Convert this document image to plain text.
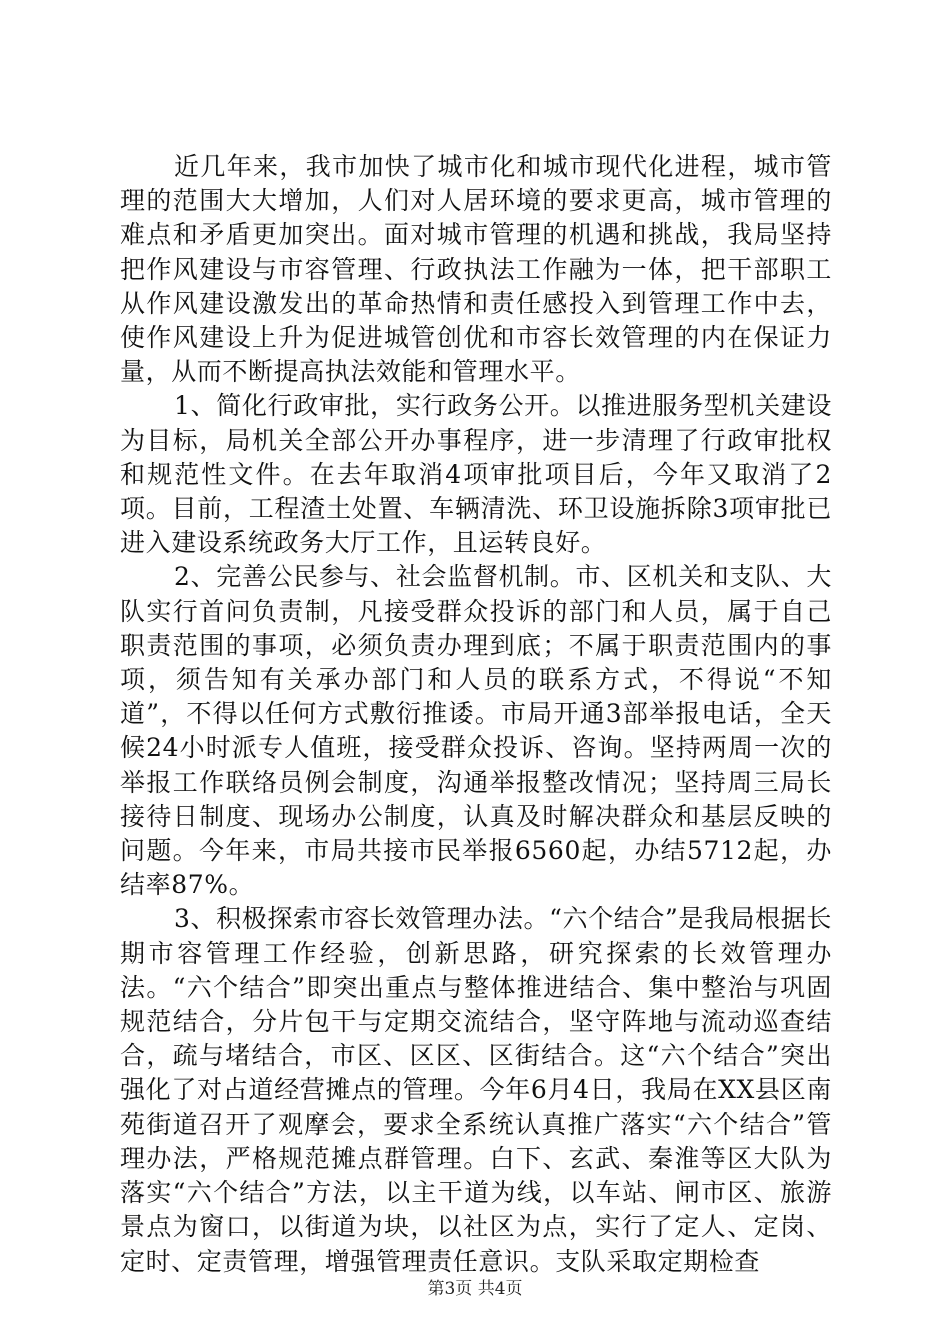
近几年来，我市加快了城市化和城市现代化进程，城市管理的范围大大增加，人们对人居环境的要求更高，城市管理的难点和矛盾更加突出。面对城市管理的机遇和挑战，我局坚持把作风建设与市容管理、行政执法工作融为一体，把干部职工从作风建设激发出的革命热情和责任感投入到管理工作中去，使作风建设上升为促进城管创优和市容长效管理的内在保证力量，从而不断提高执法效能和管理水平。

1、简化行政审批，实行政务公开。以推进服务型机关建设为目标，局机关全部公开办事程序，进一步清理了行政审批权和规范性文件。在去年取消4项审批项目后，今年又取消了2项。目前，工程渣土处置、车辆清洗、环卫设施拆除3项审批已进入建设系统政务大厅工作，且运转良好。

2、完善公民参与、社会监督机制。市、区机关和支队、大队实行首问负责制，凡接受群众投诉的部门和人员，属于自己职责范围的事项，必须负责办理到底；不属于职责范围内的事项，须告知有关承办部门和人员的联系方式，不得说“不知道”，不得以任何方式敷衍推诿。市局开通3部举报电话，全天候24小时派专人值班，接受群众投诉、咨询。坚持两周一次的举报工作联络员例会制度，沟通举报整改情况；坚持周三局长接待日制度、现场办公制度，认真及时解决群众和基层反映的问题。今年来，市局共接市民举报6560起，办结5712起，办结率87%。

3、积极探索市容长效管理办法。“六个结合”是我局根据长期市容管理工作经验，创新思路，研究探索的长效管理办法。“六个结合”即突出重点与整体推进结合、集中整治与巩固规范结合，分片包干与定期交流结合，坚守阵地与流动巡查结合，疏与堵结合，市区、区区、区街结合。这“六个结合”突出强化了对占道经营摊点的管理。今年6月4日，我局在XX县区南苑街道召开了观摩会，要求全系统认真推广落实“六个结合”管理办法，严格规范摊点群管理。白下、玄武、秦淮等区大队为落实“六个结合”方法，以主干道为线，以车站、闸市区、旅游景点为窗口，以街道为块，以社区为点，实行了定人、定岗、定时、定责管理，增强管理责任意识。支队采取定期检查

第3页 共4页
